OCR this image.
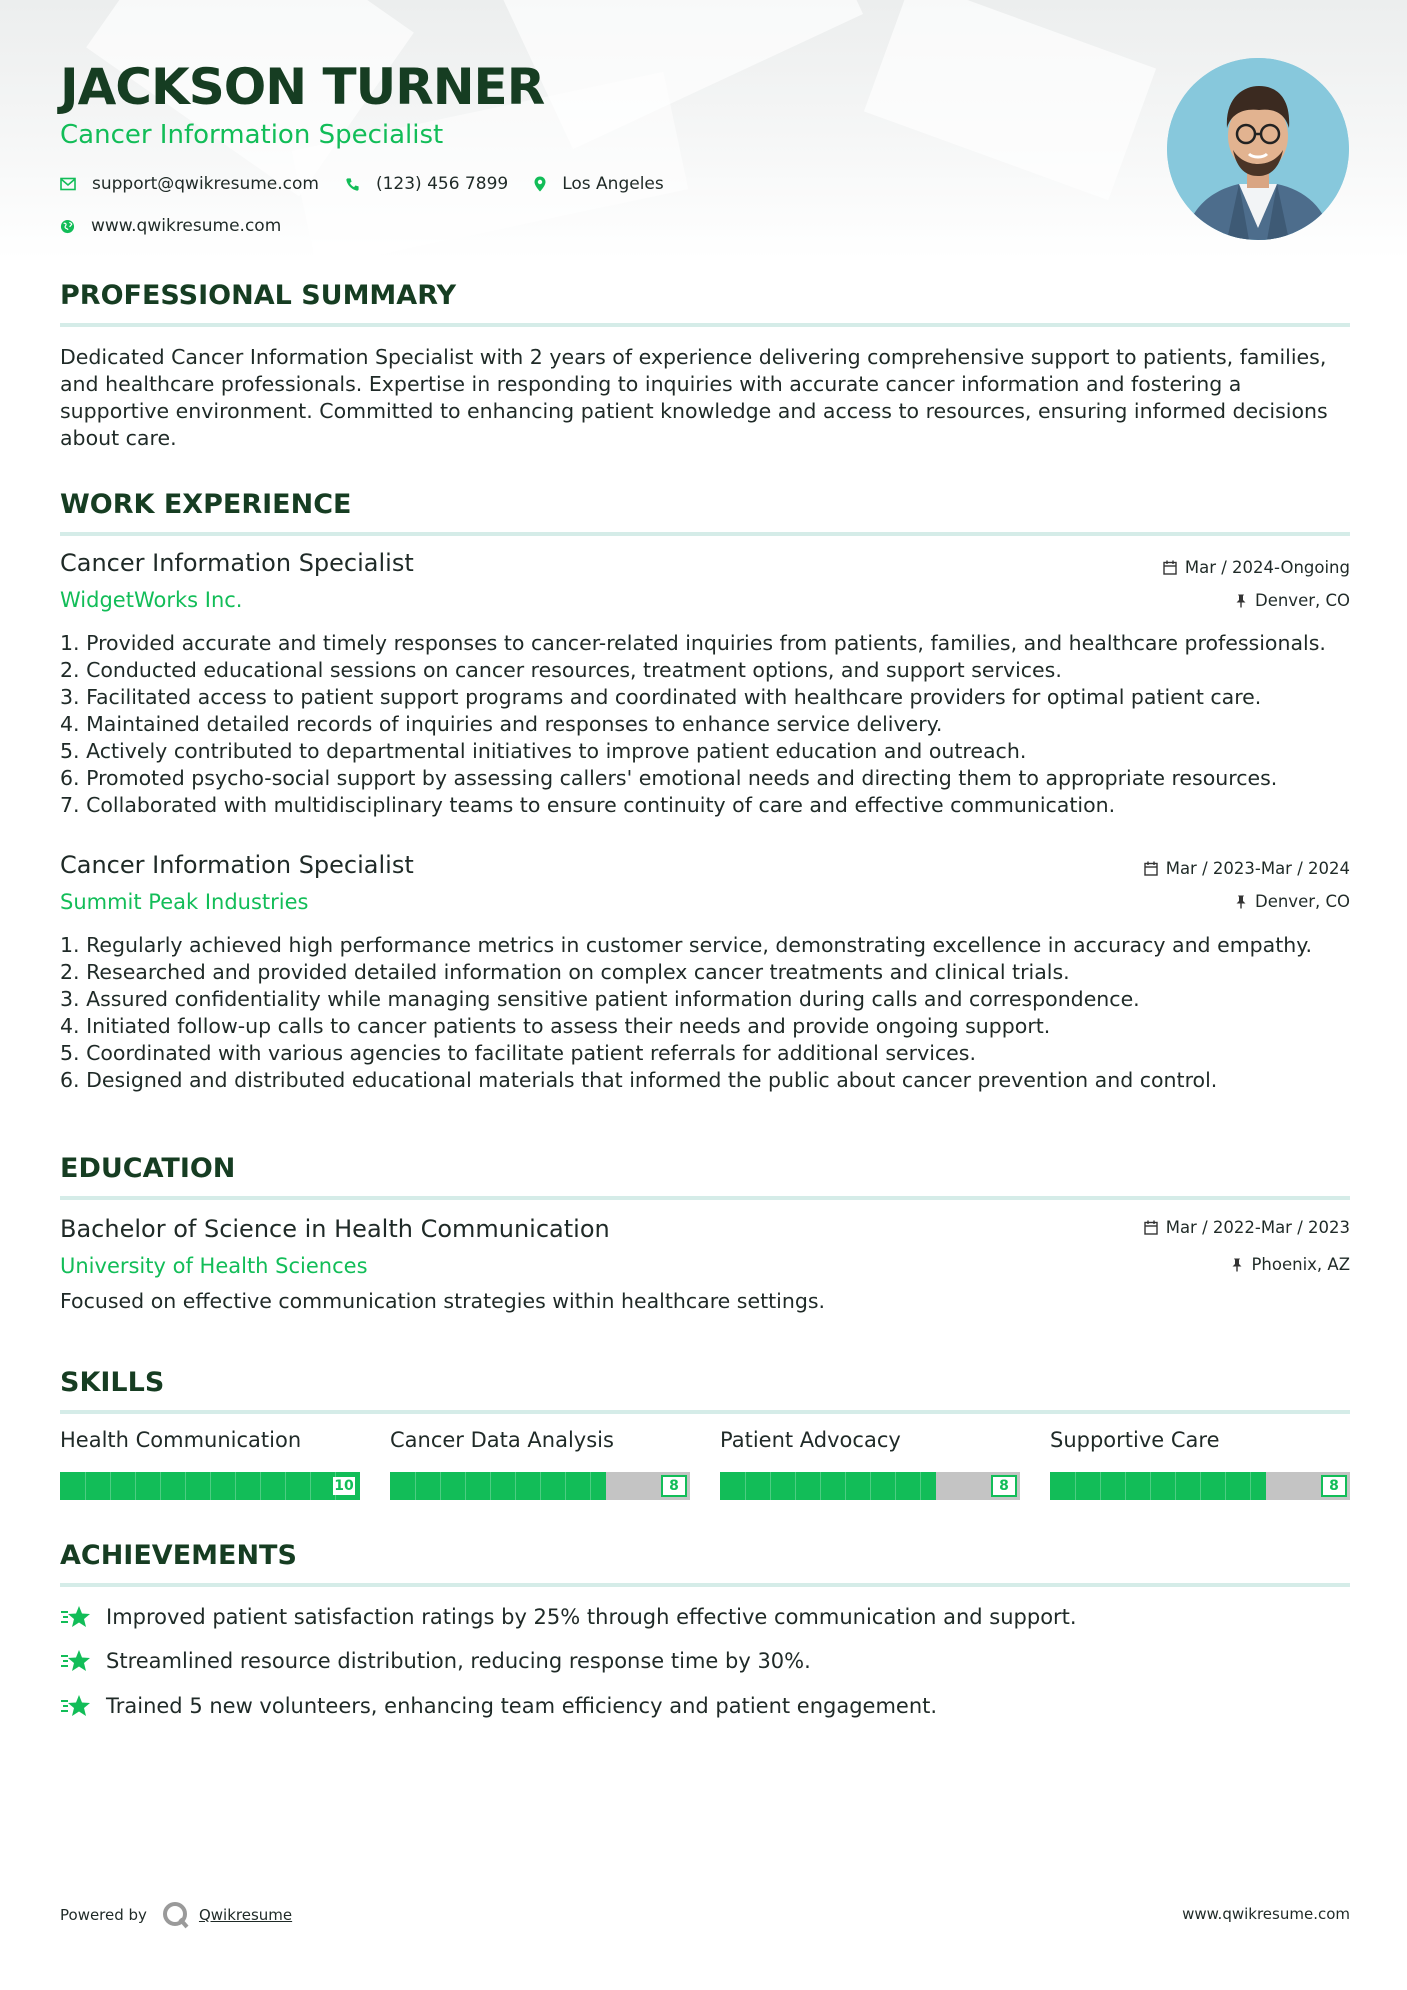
JACKSON TURNER
Cancer Information Specialist
support@qwikresume.com	(123) 456 7899	Los Angeles
www.qwikresume.com
PROFESSIONAL SUMMARY
Dedicated Cancer Information Specialist with 2 years of experience delivering comprehensive support to patients, families, and healthcare professionals. Expertise in responding to inquiries with accurate cancer information and fostering a supportive environment. Committed to enhancing patient knowledge and access to resources, ensuring informed decisions about care.
WORK EXPERIENCE
Cancer Information Specialist
WidgetWorks Inc.
Mar / 2024-Ongoing
Denver, CO
1. Provided accurate and timely responses to cancer-related inquiries from patients, families, and healthcare professionals.
2. Conducted educational sessions on cancer resources, treatment options, and support services.
3. Facilitated access to patient support programs and coordinated with healthcare providers for optimal patient care.
4. Maintained detailed records of inquiries and responses to enhance service delivery.
5. Actively contributed to departmental initiatives to improve patient education and outreach.
6. Promoted psycho-social support by assessing callers' emotional needs and directing them to appropriate resources.
7. Collaborated with multidisciplinary teams to ensure continuity of care and effective communication.
Cancer Information Specialist
Summit Peak Industries
Mar / 2023-Mar / 2024
Denver, CO
1. Regularly achieved high performance metrics in customer service, demonstrating excellence in accuracy and empathy.
2. Researched and provided detailed information on complex cancer treatments and clinical trials.
3. Assured confidentiality while managing sensitive patient information during calls and correspondence.
4. Initiated follow-up calls to cancer patients to assess their needs and provide ongoing support.
5. Coordinated with various agencies to facilitate patient referrals for additional services.
6. Designed and distributed educational materials that informed the public about cancer prevention and control.
EDUCATION
Bachelor of Science in Health Communication
University of Health Sciences
Mar / 2022-Mar / 2023
Phoenix, AZ
Focused on effective communication strategies within healthcare settings.
SKILLS
Health Communication
10
Cancer Data Analysis
8
Patient Advocacy
8
Supportive Care
8
ACHIEVEMENTS
Improved patient satisfaction ratings by 25% through effective communication and support.
Streamlined resource distribution, reducing response time by 30%.
Trained 5 new volunteers, enhancing team efficiency and patient engagement.
Powered by	Qwikresume	www.qwikresume.com
